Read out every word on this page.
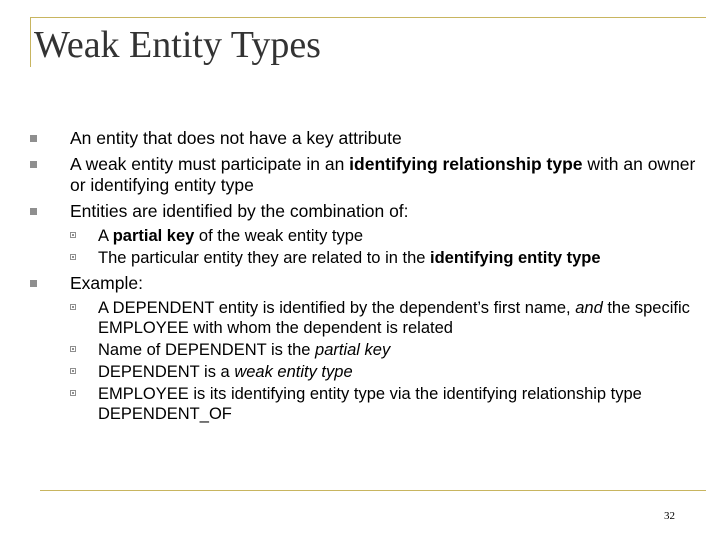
Weak Entity Types
An entity that does not have a key attribute
A weak entity must participate in an identifying relationship type with an owner or identifying entity type
Entities are identified by the combination of:
A partial key of the weak entity type
The particular entity they are related to in the identifying entity type
Example:
A DEPENDENT entity is identified by the dependent’s first name, and the specific EMPLOYEE with whom the dependent is related
Name of DEPENDENT is the partial key
DEPENDENT is a weak entity type
EMPLOYEE is its identifying entity type via the identifying relationship type DEPENDENT_OF
32
